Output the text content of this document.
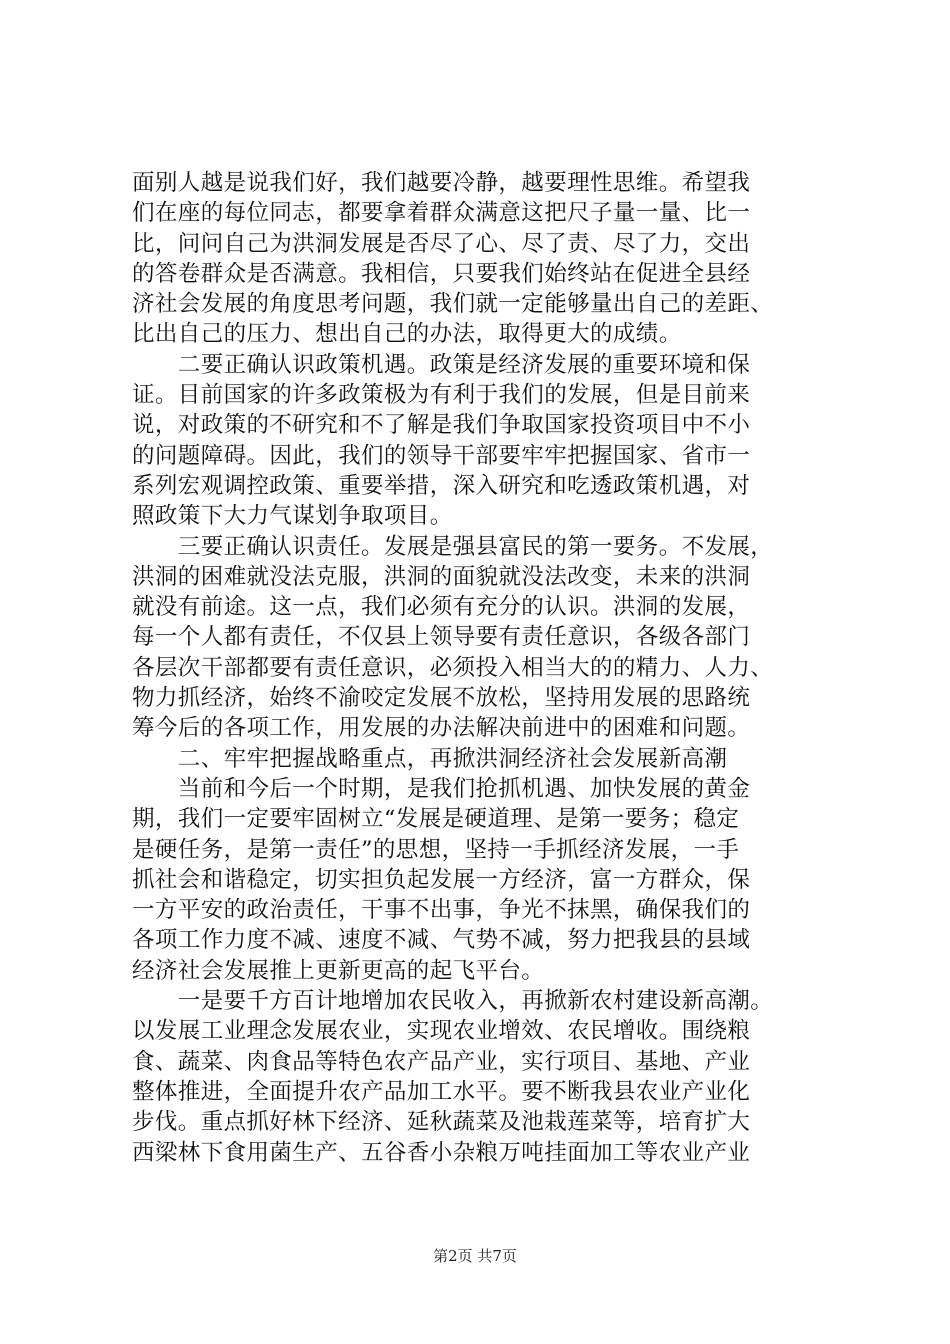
面别人越是说我们好，我们越要冷静，越要理性思维。希望我
们在座的每位同志，都要拿着群众满意这把尺子量一量、比一
比，问问自己为洪洞发展是否尽了心、尽了责、尽了力，交出
的答卷群众是否满意。我相信，只要我们始终站在促进全县经
济社会发展的角度思考问题，我们就一定能够量出自己的差距、
比出自己的压力、想出自己的办法，取得更大的成绩。
　　二要正确认识政策机遇。政策是经济发展的重要环境和保
证。目前国家的许多政策极为有利于我们的发展，但是目前来
说，对政策的不研究和不了解是我们争取国家投资项目中不小
的问题障碍。因此，我们的领导干部要牢牢把握国家、省市一
系列宏观调控政策、重要举措，深入研究和吃透政策机遇，对
照政策下大力气谋划争取项目。
　　三要正确认识责任。发展是强县富民的第一要务。不发展，
洪洞的困难就没法克服，洪洞的面貌就没法改变，未来的洪洞
就没有前途。这一点，我们必须有充分的认识。洪洞的发展，
每一个人都有责任，不仅县上领导要有责任意识，各级各部门
各层次干部都要有责任意识，必须投入相当大的的精力、人力、
物力抓经济，始终不渝咬定发展不放松，坚持用发展的思路统
筹今后的各项工作，用发展的办法解决前进中的困难和问题。
　　二、牢牢把握战略重点，再掀洪洞经济社会发展新高潮
　　当前和今后一个时期，是我们抢抓机遇、加快发展的黄金
期，我们一定要牢固树立“发展是硬道理、是第一要务；稳定
是硬任务，是第一责任”的思想，坚持一手抓经济发展，一手
抓社会和谐稳定，切实担负起发展一方经济，富一方群众，保
一方平安的政治责任，干事不出事，争光不抹黑，确保我们的
各项工作力度不减、速度不减、气势不减，努力把我县的县域
经济社会发展推上更新更高的起飞平台。
　　一是要千方百计地增加农民收入，再掀新农村建设新高潮。
以发展工业理念发展农业，实现农业增效、农民增收。围绕粮
食、蔬菜、肉食品等特色农产品产业，实行项目、基地、产业
整体推进，全面提升农产品加工水平。要不断我县农业产业化
步伐。重点抓好林下经济、延秋蔬菜及池栽莲菜等，培育扩大
西梁林下食用菌生产、五谷香小杂粮万吨挂面加工等农业产业
第2页 共7页
